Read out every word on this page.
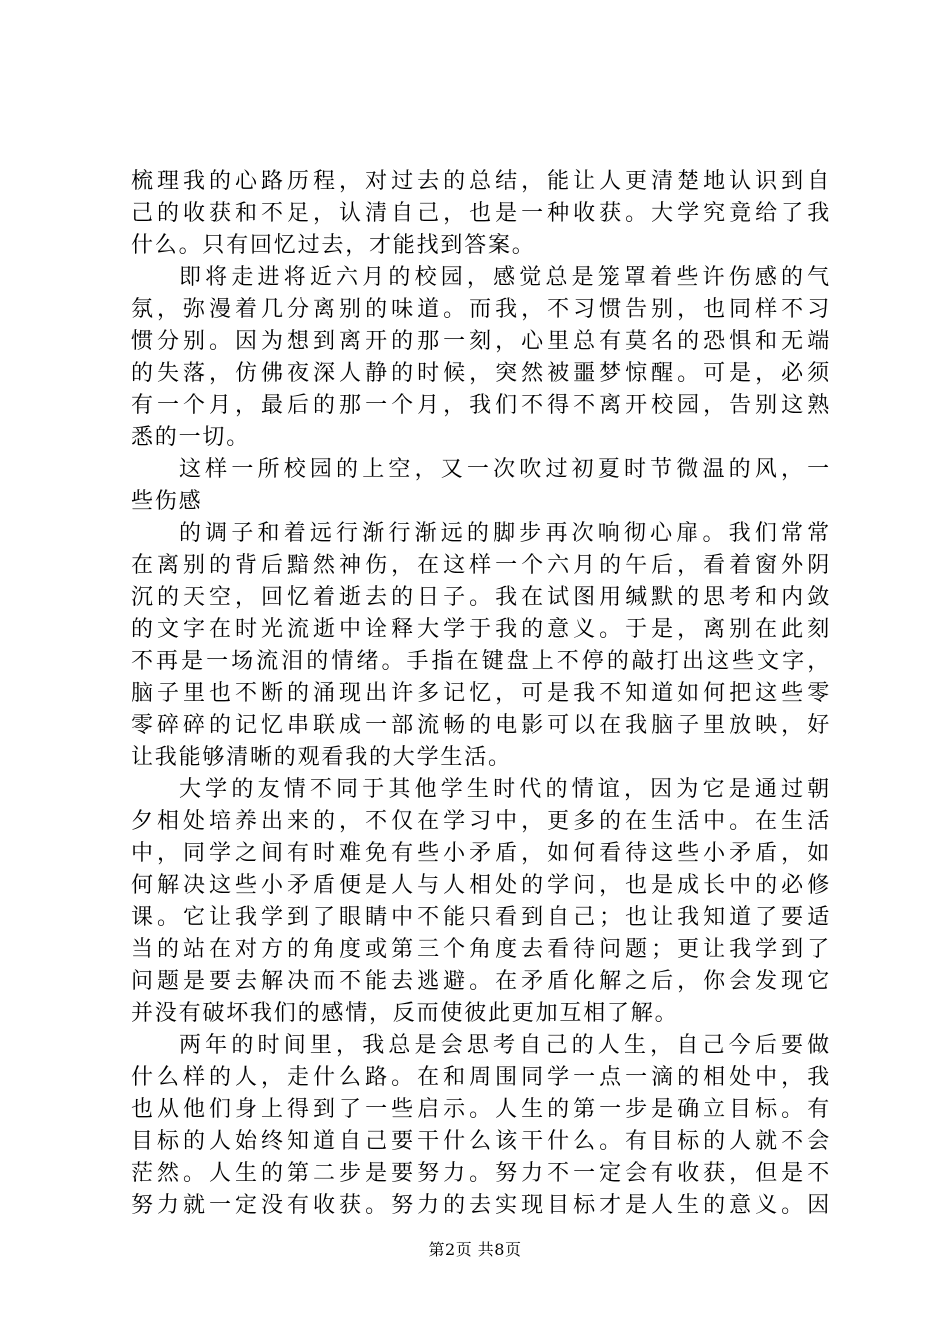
梳理我的心路历程，对过去的总结，能让人更清楚地认识到自
己的收获和不足，认清自己，也是一种收获。大学究竟给了我
什么。只有回忆过去，才能找到答案。
即将走进将近六月的校园，感觉总是笼罩着些许伤感的气
氛，弥漫着几分离别的味道。而我，不习惯告别，也同样不习
惯分别。因为想到离开的那一刻，心里总有莫名的恐惧和无端
的失落，仿佛夜深人静的时候，突然被噩梦惊醒。可是，必须
有一个月，最后的那一个月，我们不得不离开校园，告别这熟
悉的一切。
这样一所校园的上空，又一次吹过初夏时节微温的风，一
些伤感
的调子和着远行渐行渐远的脚步再次响彻心扉。我们常常
在离别的背后黯然神伤，在这样一个六月的午后，看着窗外阴
沉的天空，回忆着逝去的日子。我在试图用缄默的思考和内敛
的文字在时光流逝中诠释大学于我的意义。于是，离别在此刻
不再是一场流泪的情绪。手指在键盘上不停的敲打出这些文字，
脑子里也不断的涌现出许多记忆，可是我不知道如何把这些零
零碎碎的记忆串联成一部流畅的电影可以在我脑子里放映，好
让我能够清晰的观看我的大学生活。
大学的友情不同于其他学生时代的情谊，因为它是通过朝
夕相处培养出来的，不仅在学习中，更多的在生活中。在生活
中，同学之间有时难免有些小矛盾，如何看待这些小矛盾，如
何解决这些小矛盾便是人与人相处的学问，也是成长中的必修
课。它让我学到了眼睛中不能只看到自己；也让我知道了要适
当的站在对方的角度或第三个角度去看待问题；更让我学到了
问题是要去解决而不能去逃避。在矛盾化解之后，你会发现它
并没有破坏我们的感情，反而使彼此更加互相了解。
两年的时间里，我总是会思考自己的人生，自己今后要做
什么样的人，走什么路。在和周围同学一点一滴的相处中，我
也从他们身上得到了一些启示。人生的第一步是确立目标。有
目标的人始终知道自己要干什么该干什么。有目标的人就不会
茫然。人生的第二步是要努力。努力不一定会有收获，但是不
努力就一定没有收获。努力的去实现目标才是人生的意义。因
第2页 共8页
